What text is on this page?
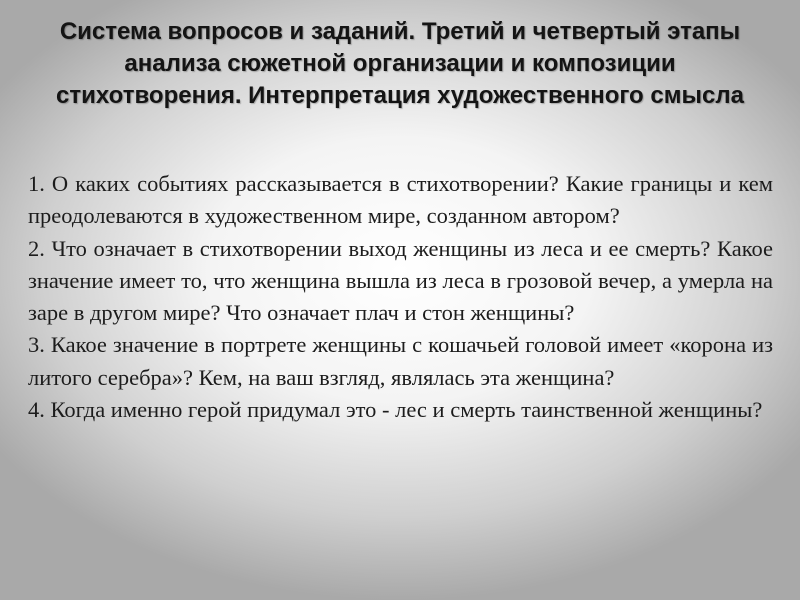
Система вопросов и заданий. Третий и четвертый этапы анализа сюжетной организации и композиции стихотворения. Интерпретация художественного смысла

1. О каких событиях рассказывается в стихотворении? Какие границы и кем преодолеваются в художественном мире, созданном автором?

2. Что означает в стихотворении выход женщины из леса и ее смерть? Какое значение имеет то, что женщина вышла из леса в грозовой вечер, а умерла на заре в другом мире? Что означает плач и стон женщины?

3. Какое значение в портрете женщины с кошачьей головой имеет «корона из литого серебра»? Кем, на ваш взгляд, являлась эта женщина?

4. Когда именно герой придумал это - лес и смерть таинственной женщины?
